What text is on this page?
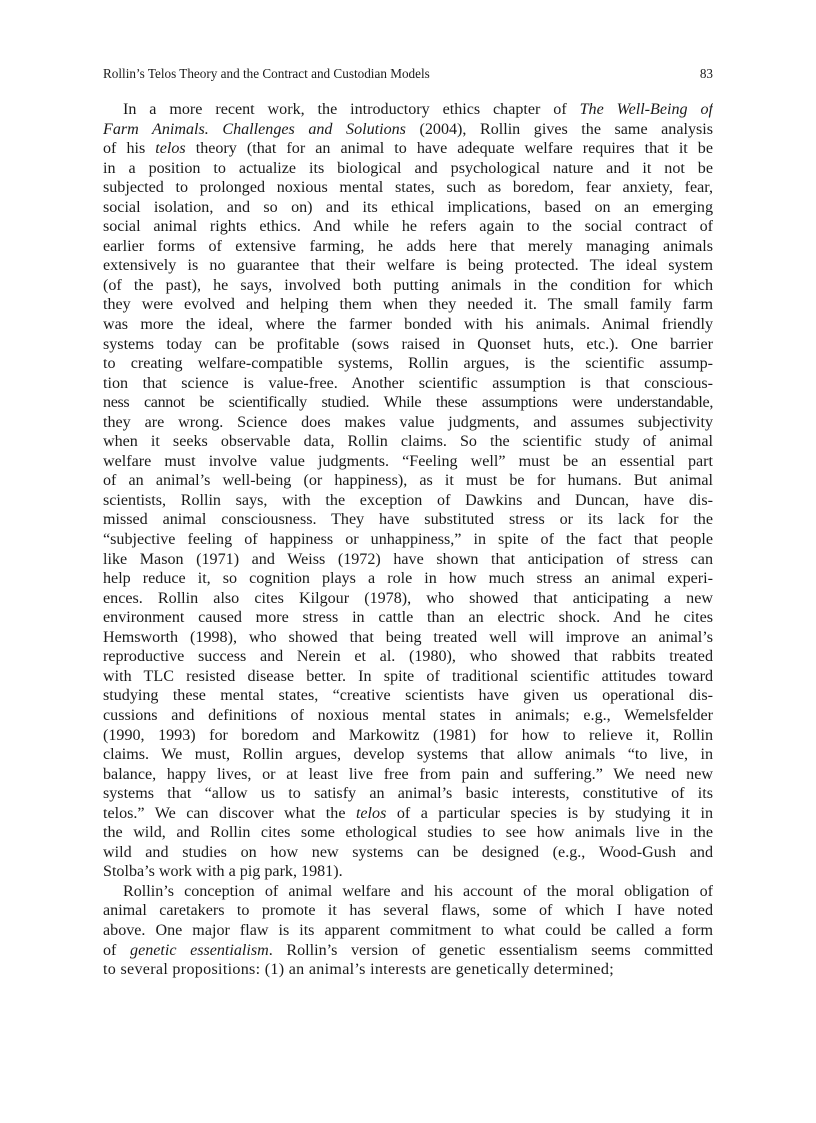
Rollin’s Telos Theory and the Contract and Custodian Models	83
In a more recent work, the introductory ethics chapter of The Well-Being of
Farm Animals. Challenges and Solutions (2004), Rollin gives the same analysis
of his telos theory (that for an animal to have adequate welfare requires that it be
in a position to actualize its biological and psychological nature and it not be
subjected to prolonged noxious mental states, such as boredom, fear anxiety, fear,
social isolation, and so on) and its ethical implications, based on an emerging
social animal rights ethics. And while he refers again to the social contract of
earlier forms of extensive farming, he adds here that merely managing animals
extensively is no guarantee that their welfare is being protected. The ideal system
(of the past), he says, involved both putting animals in the condition for which
they were evolved and helping them when they needed it. The small family farm
was more the ideal, where the farmer bonded with his animals. Animal friendly
systems today can be profitable (sows raised in Quonset huts, etc.). One barrier
to creating welfare-compatible systems, Rollin argues, is the scientific assump-
tion that science is value-free. Another scientific assumption is that conscious-
ness cannot be scientifically studied. While these assumptions were understandable,
they are wrong. Science does makes value judgments, and assumes subjectivity
when it seeks observable data, Rollin claims. So the scientific study of animal
welfare must involve value judgments. “Feeling well” must be an essential part
of an animal’s well-being (or happiness), as it must be for humans. But animal
scientists, Rollin says, with the exception of Dawkins and Duncan, have dis-
missed animal consciousness. They have substituted stress or its lack for the
“subjective feeling of happiness or unhappiness,” in spite of the fact that people
like Mason (1971) and Weiss (1972) have shown that anticipation of stress can
help reduce it, so cognition plays a role in how much stress an animal experi-
ences. Rollin also cites Kilgour (1978), who showed that anticipating a new
environment caused more stress in cattle than an electric shock. And he cites
Hemsworth (1998), who showed that being treated well will improve an animal’s
reproductive success and Nerein et al. (1980), who showed that rabbits treated
with TLC resisted disease better. In spite of traditional scientific attitudes toward
studying these mental states, “creative scientists have given us operational dis-
cussions and definitions of noxious mental states in animals; e.g., Wemelsfelder
(1990, 1993) for boredom and Markowitz (1981) for how to relieve it, Rollin
claims. We must, Rollin argues, develop systems that allow animals “to live, in
balance, happy lives, or at least live free from pain and suffering.” We need new
systems that “allow us to satisfy an animal’s basic interests, constitutive of its
telos.” We can discover what the telos of a particular species is by studying it in
the wild, and Rollin cites some ethological studies to see how animals live in the
wild and studies on how new systems can be designed (e.g., Wood-Gush and
Stolba’s work with a pig park, 1981).
Rollin’s conception of animal welfare and his account of the moral obligation of
animal caretakers to promote it has several flaws, some of which I have noted
above. One major flaw is its apparent commitment to what could be called a form
of genetic essentialism. Rollin’s version of genetic essentialism seems committed
to several propositions: (1) an animal’s interests are genetically determined;
